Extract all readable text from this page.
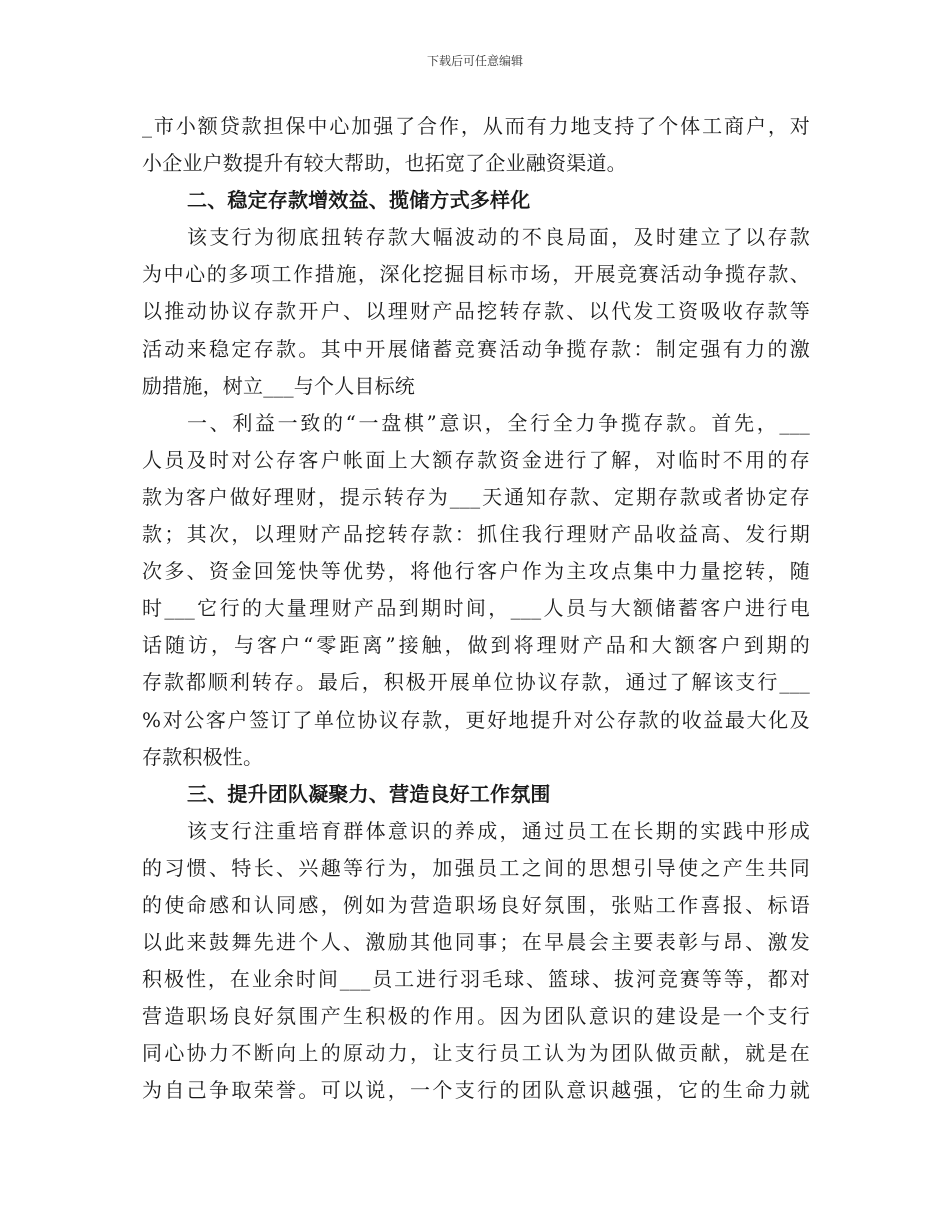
下载后可任意编辑
_市小额贷款担保中心加强了合作，从而有力地支持了个体工商户，对
小企业户数提升有较大帮助，也拓宽了企业融资渠道。
二、稳定存款增效益、揽储方式多样化
该支行为彻底扭转存款大幅波动的不良局面，及时建立了以存款
为中心的多项工作措施，深化挖掘目标市场，开展竞赛活动争揽存款、
以推动协议存款开户、以理财产品挖转存款、以代发工资吸收存款等
活动来稳定存款。其中开展储蓄竞赛活动争揽存款：制定强有力的激
励措施，树立___与个人目标统
一、利益一致的“一盘棋”意识，全行全力争揽存款。首先，___
人员及时对公存客户帐面上大额存款资金进行了解，对临时不用的存
款为客户做好理财，提示转存为___天通知存款、定期存款或者协定存
款；其次，以理财产品挖转存款：抓住我行理财产品收益高、发行期
次多、资金回笼快等优势，将他行客户作为主攻点集中力量挖转，随
时___它行的大量理财产品到期时间，___人员与大额储蓄客户进行电
话随访，与客户“零距离”接触，做到将理财产品和大额客户到期的
存款都顺利转存。最后，积极开展单位协议存款，通过了解该支行___
%对公客户签订了单位协议存款，更好地提升对公存款的收益最大化及
存款积极性。
三、提升团队凝聚力、营造良好工作氛围
该支行注重培育群体意识的养成，通过员工在长期的实践中形成
的习惯、特长、兴趣等行为，加强员工之间的思想引导使之产生共同
的使命感和认同感，例如为营造职场良好氛围，张贴工作喜报、标语
以此来鼓舞先进个人、激励其他同事；在早晨会主要表彰与昂、激发
积极性，在业余时间___员工进行羽毛球、篮球、拔河竞赛等等，都对
营造职场良好氛围产生积极的作用。因为团队意识的建设是一个支行
同心协力不断向上的原动力，让支行员工认为为团队做贡献，就是在
为自己争取荣誉。可以说，一个支行的团队意识越强，它的生命力就
